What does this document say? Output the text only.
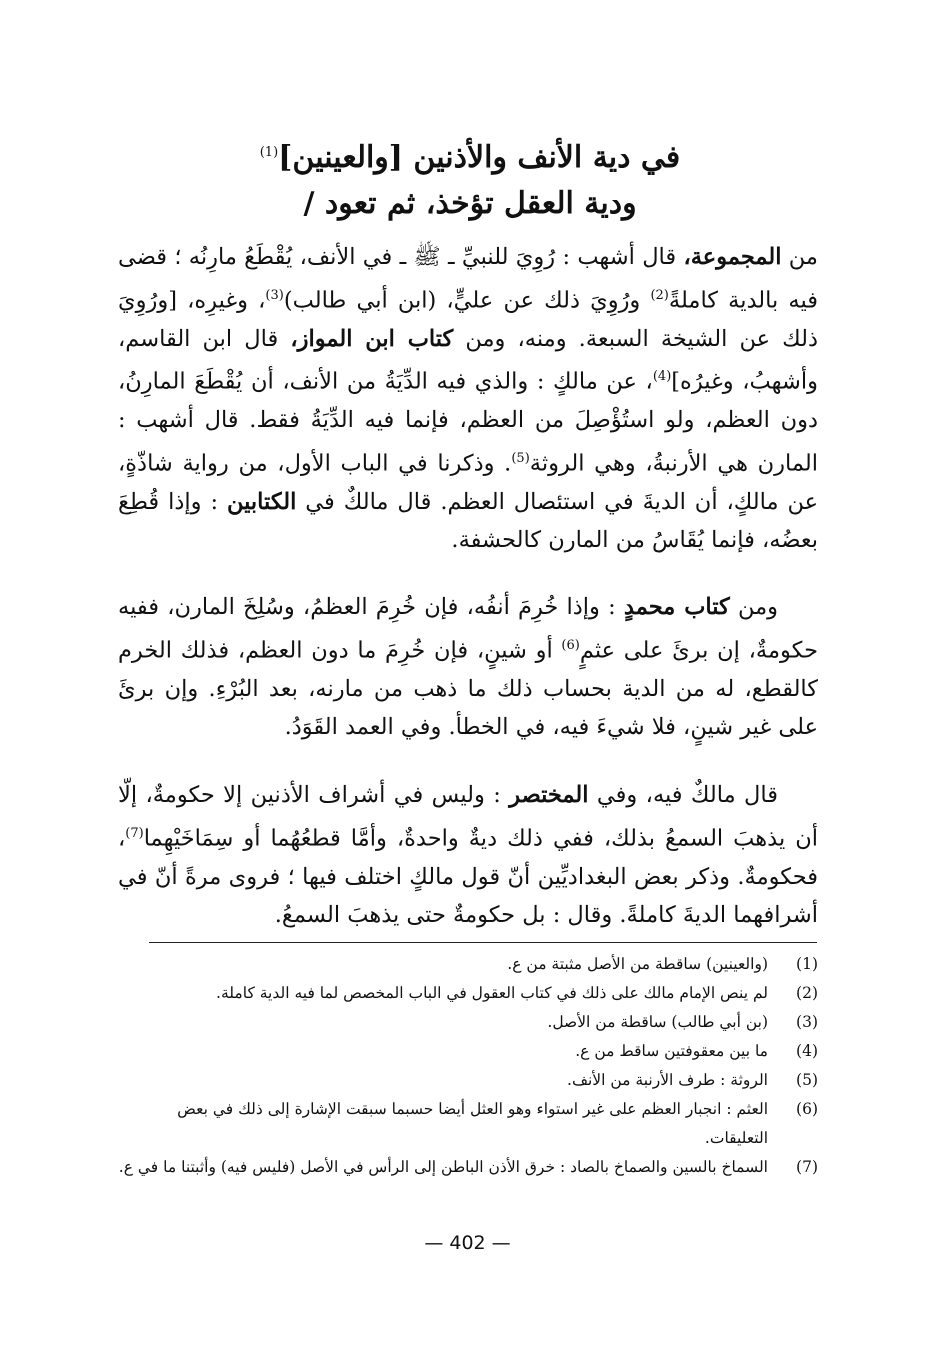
في دية الأنف والأذنين [والعينين]$^{(1)}$
ودية العقل تؤخذ، ثم تعود /
من المجموعة، قال أشهب : رُوِيَ للنبيِّ ـ ﷺ ـ في الأنف، يُقْطَعُ مارِنُه ؛ قضى فيه بالدية كاملةً$^{(2)}$ ورُوِيَ ذلك عن عليٍّ، (ابن أبي طالب)$^{(3)}$، وغيرِه، [ورُوِيَ ذلك عن الشيخة السبعة. ومنه، ومن كتاب ابن المواز، قال ابن القاسم، وأشهبُ، وغيرُه]$^{(4)}$، عن مالكٍ : والذي فيه الدِّيَةُ من الأنف، أن يُقْطَعَ المارِنُ، دون العظم، ولو استُؤْصِلَ من العظم، فإنما فيه الدِّيَةُ فقط. قال أشهب : المارن هي الأرنبةُ، وهي الروثة$^{(5)}$. وذكرنا في الباب الأول، من رواية شاذّةٍ، عن مالكٍ، أن الديةَ في استئصال العظم. قال مالكٌ في الكتابين : وإذا قُطِعَ بعضُه، فإنما يُقَاسُ من المارن كالحشفة.
ومن كتاب محمدٍ : وإذا خُرِمَ أنفُه، فإن خُرِمَ العظمُ، وسُلِخَ المارن، ففيه حكومةٌ، إن برئَ على عثمٍ$^{(6)}$ أو شينٍ، فإن خُرِمَ ما دون العظم، فذلك الخرم كالقطع، له من الدية بحساب ذلك ما ذهب من مارنه، بعد البُرْءِ. وإن برئَ على غير شينٍ، فلا شيءَ فيه، في الخطأ. وفي العمد القَوَدُ.
قال مالكٌ فيه، وفي المختصر : وليس في أشراف الأذنين إلا حكومةٌ، إلّا أن يذهبَ السمعُ بذلك، ففي ذلك ديةٌ واحدةٌ، وأمَّا قطعُهُما أو سِمَاخَيْهِما$^{(7)}$، فحكومةٌ. وذكر بعض البغداديِّين أنّ قول مالكٍ اختلف فيها ؛ فروى مرةً أنّ في أشرافهما الديةَ كاملةً. وقال : بل حكومةٌ حتى يذهبَ السمعُ.
(1)
(والعينين) ساقطة من الأصل مثبتة من ع.
(2)
لم ينص الإمام مالك على ذلك في كتاب العقول في الباب المخصص لما فيه الدية كاملة.
(3)
(بن أبي طالب) ساقطة من الأصل.
(4)
ما بين معقوفتين ساقط من ع.
(5)
الروثة : طرف الأرنبة من الأنف.
(6)
العثم : انجبار العظم على غير استواء وهو العثل أيضا حسبما سبقت الإشارة إلى ذلك في بعض التعليقات.
(7)
السماخ بالسين والصماخ بالصاد : خرق الأذن الباطن إلى الرأس في الأصل (فليس فيه) وأثبتنا ما في ع.
— 402 —
